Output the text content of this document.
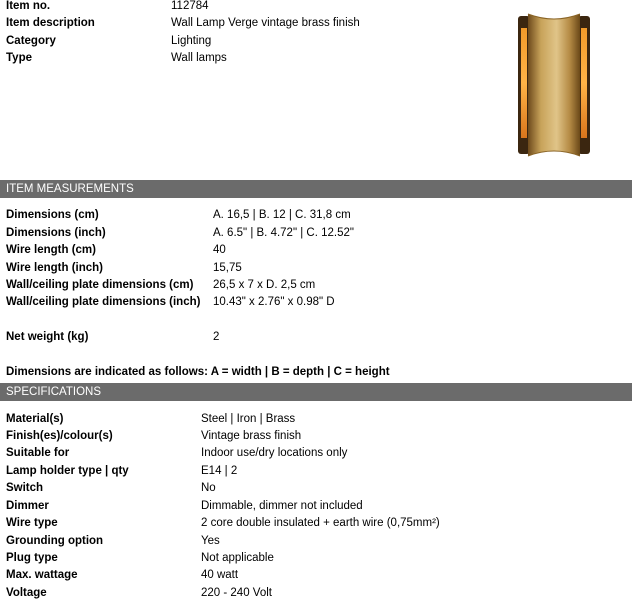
Item no.	112784
Item description	Wall Lamp Verge vintage brass finish
Category	Lighting
Type	Wall lamps
ITEM MEASUREMENTS
Dimensions (cm)	A. 16,5 | B. 12 | C. 31,8 cm
Dimensions (inch)	A. 6.5" | B. 4.72" | C. 12.52"
Wire length (cm)	40
Wire length (inch)	15,75
Wall/ceiling plate dimensions (cm) 26,5 x 7 x D. 2,5 cm
Wall/ceiling plate dimensions (inch) 10.43" x 2.76" x 0.98" D
Net weight (kg)	2
Dimensions are indicated as follows: A = width | B = depth | C = height
SPECIFICATIONS
Material(s)	Steel | Iron | Brass
Finish(es)/colour(s)	Vintage brass finish
Suitable for	Indoor use/dry locations only
Lamp holder type | qty	E14 | 2
Switch	No
Dimmer	Dimmable, dimmer not included
Wire type	2 core double insulated + earth wire (0,75mm²)
Grounding option	Yes
Plug type	Not applicable
Max. wattage	40 watt
Voltage	220 - 240 Volt
